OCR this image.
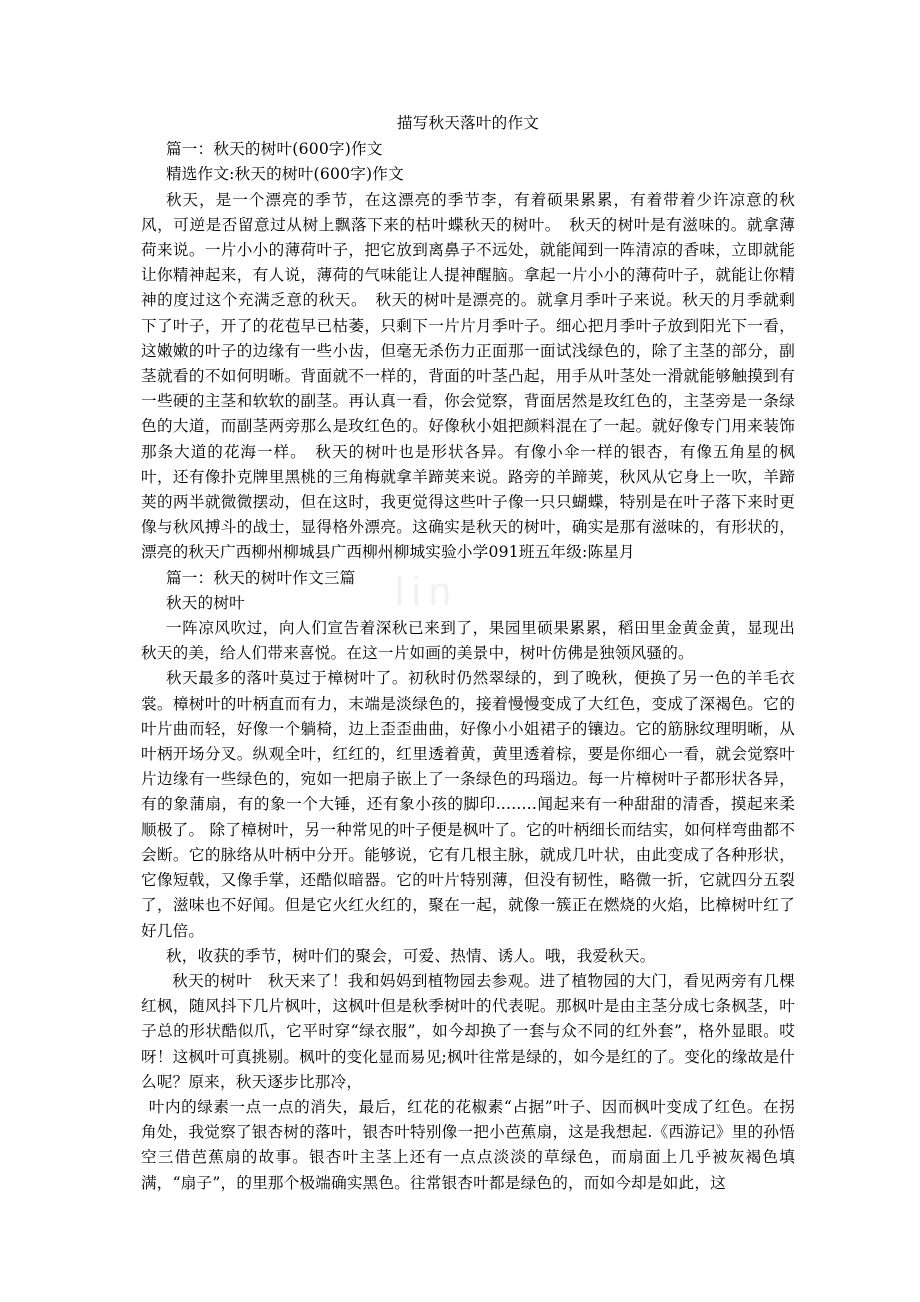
lin

描写秋天落叶的作文

篇一：秋天的树叶(600字)作文

精选作文:秋天的树叶(600字)作文

秋天，是一个漂亮的季节，在这漂亮的季节李，有着硕果累累，有着带着少许凉意的秋风，可逆是否留意过从树上飘落下来的枯叶蝶秋天的树叶。　秋天的树叶是有滋味的。就拿薄荷来说。一片小小的薄荷叶子，把它放到离鼻子不远处，就能闻到一阵清凉的香味，立即就能让你精神起来，有人说，薄荷的气味能让人提神醒脑。拿起一片小小的薄荷叶子，就能让你精神的度过这个充满乏意的秋天。　秋天的树叶是漂亮的。就拿月季叶子来说。秋天的月季就剩下了叶子，开了的花苞早已枯萎，只剩下一片片月季叶子。细心把月季叶子放到阳光下一看，这嫩嫩的叶子的边缘有一些小齿，但毫无杀伤力正面那一面试浅绿色的，除了主茎的部分，副茎就看的不如何明晰。背面就不一样的，背面的叶茎凸起，用手从叶茎处一滑就能够触摸到有一些硬的主茎和软软的副茎。再认真一看，你会觉察，背面居然是玫红色的，主茎旁是一条绿色的大道，而副茎两旁那么是玫红色的。好像秋小姐把颜料混在了一起。就好像专门用来装饰那条大道的花海一样。　秋天的树叶也是形状各异。有像小伞一样的银杏，有像五角星的枫叶，还有像扑克牌里黑桃的三角梅就拿羊蹄荚来说。路旁的羊蹄荚，秋风从它身上一吹，羊蹄荚的两半就微微摆动，但在这时，我更觉得这些叶子像一只只蝴蝶，特别是在叶子落下来时更像与秋风搏斗的战士，显得格外漂亮。这确实是秋天的树叶，确实是那有滋味的，有形状的，漂亮的秋天广西柳州柳城县广西柳州柳城实验小学091班五年级:陈星月

篇一：秋天的树叶作文三篇

秋天的树叶

一阵凉风吹过，向人们宣告着深秋已来到了，果园里硕果累累，稻田里金黄金黄，显现出秋天的美，给人们带来喜悦。在这一片如画的美景中，树叶仿佛是独领风骚的。

秋天最多的落叶莫过于樟树叶了。初秋时仍然翠绿的，到了晚秋，便换了另一色的羊毛衣裳。樟树叶的叶柄直而有力，末端是淡绿色的，接着慢慢变成了大红色，变成了深褐色。它的叶片曲而轻，好像一个躺椅，边上歪歪曲曲，好像小小姐裙子的镶边。它的筋脉纹理明晰，从叶柄开场分叉。纵观全叶，红红的，红里透着黄，黄里透着棕，要是你细心一看，就会觉察叶片边缘有一些绿色的，宛如一把扇子嵌上了一条绿色的玛瑙边。每一片樟树叶子都形状各异，有的象蒲扇，有的象一个大锤，还有象小孩的脚印........闻起来有一种甜甜的清香，摸起来柔顺极了。 除了樟树叶，另一种常见的叶子便是枫叶了。它的叶柄细长而结实，如何样弯曲都不会断。它的脉络从叶柄中分开。能够说，它有几根主脉，就成几叶状，由此变成了各种形状，它像短戟，又像手掌，还酷似暗器。它的叶片特别薄，但没有韧性，略微一折，它就四分五裂了，滋味也不好闻。但是它火红火红的，聚在一起，就像一簇正在燃烧的火焰，比樟树叶红了好几倍。

秋，收获的季节，树叶们的聚会，可爱、热情、诱人。哦，我爱秋天。

秋天的树叶　秋天来了！我和妈妈到植物园去参观。进了植物园的大门，看见两旁有几棵红枫，随风抖下几片枫叶，这枫叶但是秋季树叶的代表呢。那枫叶是由主茎分成七条枫茎，叶子总的形状酷似爪，它平时穿“绿衣服”，如今却换了一套与众不同的红外套”，格外显眼。哎呀！这枫叶可真挑剔。枫叶的变化显而易见;枫叶往常是绿的，如今是红的了。变化的缘故是什么呢？原来，秋天逐步比那冷，

叶内的绿素一点一点的消失，最后，红花的花椒素“占据”叶子、因而枫叶变成了红色。在拐角处，我觉察了银杏树的落叶，银杏叶特别像一把小芭蕉扇，这是我想起.《西游记》里的孙悟空三借芭蕉扇的故事。银杏叶主茎上还有一点点淡淡的草绿色，而扇面上几乎被灰褐色填满，“扇子”，的里那个极端确实黑色。往常银杏叶都是绿色的，而如今却是如此，这
